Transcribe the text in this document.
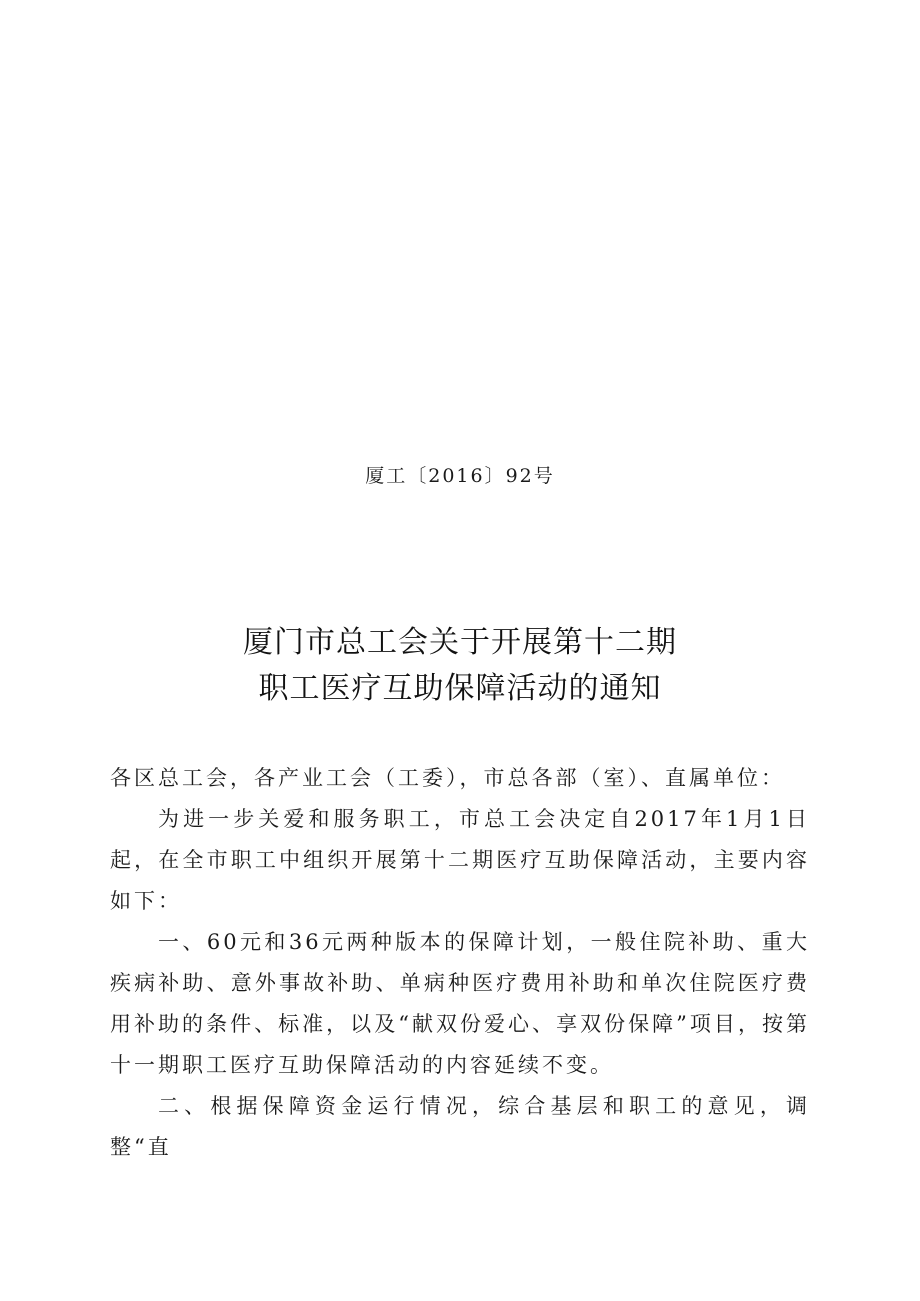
厦工〔2016〕92号
厦门市总工会关于开展第十二期
职工医疗互助保障活动的通知

各区总工会，各产业工会（工委），市总各部（室）、直属单位：

为进一步关爱和服务职工，市总工会决定自2017年1月1日起，在全市职工中组织开展第十二期医疗互助保障活动，主要内容如下：

一、60元和36元两种版本的保障计划，一般住院补助、重大疾病补助、意外事故补助、单病种医疗费用补助和单次住院医疗费用补助的条件、标准，以及“献双份爱心、享双份保障”项目，按第十一期职工医疗互助保障活动的内容延续不变。

二、根据保障资金运行情况，综合基层和职工的意见，调整“直
